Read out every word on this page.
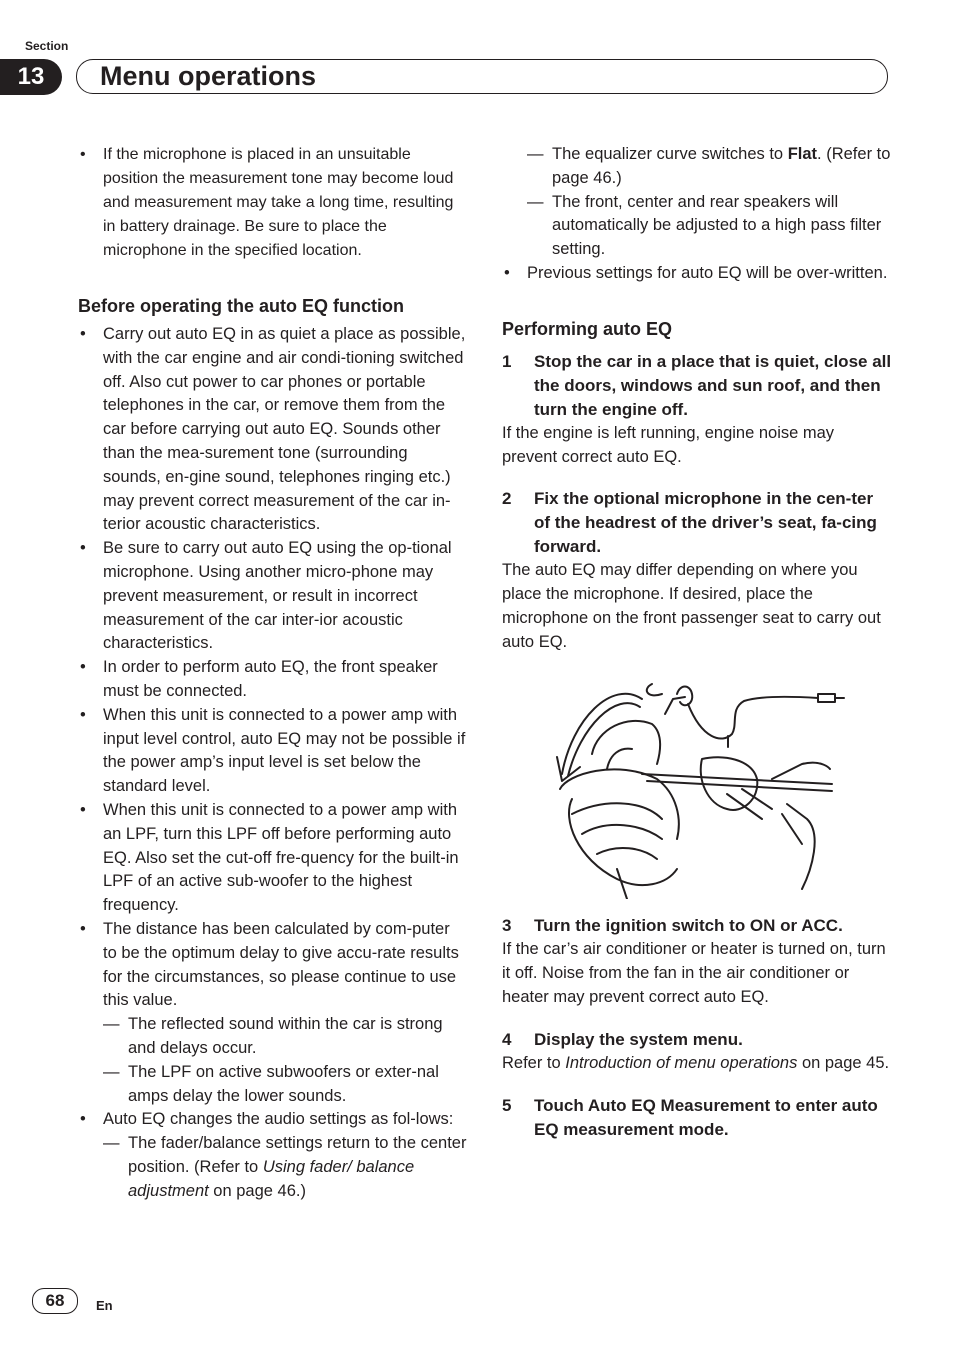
Section
13	Menu operations
• If the microphone is placed in an unsuitable position the measurement tone may become loud and measurement may take a long time, resulting in battery drainage. Be sure to place the microphone in the specified location.
Before operating the auto EQ function
• Carry out auto EQ in as quiet a place as possible, with the car engine and air condi-tioning switched off. Also cut power to car phones or portable telephones in the car, or remove them from the car before carrying out auto EQ. Sounds other than the mea-surement tone (surrounding sounds, en-gine sound, telephones ringing etc.) may prevent correct measurement of the car in-terior acoustic characteristics.
• Be sure to carry out auto EQ using the op-tional microphone. Using another micro-phone may prevent measurement, or result in incorrect measurement of the car inter-ior acoustic characteristics.
• In order to perform auto EQ, the front speaker must be connected.
• When this unit is connected to a power amp with input level control, auto EQ may not be possible if the power amp’s input level is set below the standard level.
• When this unit is connected to a power amp with an LPF, turn this LPF off before performing auto EQ. Also set the cut-off fre-quency for the built-in LPF of an active sub-woofer to the highest frequency.
• The distance has been calculated by com-puter to be the optimum delay to give accu-rate results for the circumstances, so please continue to use this value.
— The reflected sound within the car is strong and delays occur.
— The LPF on active subwoofers or exter-nal amps delay the lower sounds.
• Auto EQ changes the audio settings as fol-lows:
— The fader/balance settings return to the center position. (Refer to Using fader/ balance adjustment on page 46.)
— The equalizer curve switches to Flat. (Refer to page 46.)
— The front, center and rear speakers will automatically be adjusted to a high pass filter setting.
• Previous settings for auto EQ will be over-written.
Performing auto EQ
1	Stop the car in a place that is quiet, close all the doors, windows and sun roof, and then turn the engine off.

If the engine is left running, engine noise may prevent correct auto EQ.

2	Fix the optional microphone in the cen-ter of the headrest of the driver’s seat, fa-cing forward.

The auto EQ may differ depending on where you place the microphone. If desired, place the microphone on the front passenger seat to carry out auto EQ.

3	Turn the ignition switch to ON or ACC.

If the car’s air conditioner or heater is turned on, turn it off. Noise from the fan in the air conditioner or heater may prevent correct auto EQ.

4	Display the system menu.

Refer to Introduction of menu operations on page 45.

5	Touch Auto EQ Measurement to enter auto EQ measurement mode.
68	En
